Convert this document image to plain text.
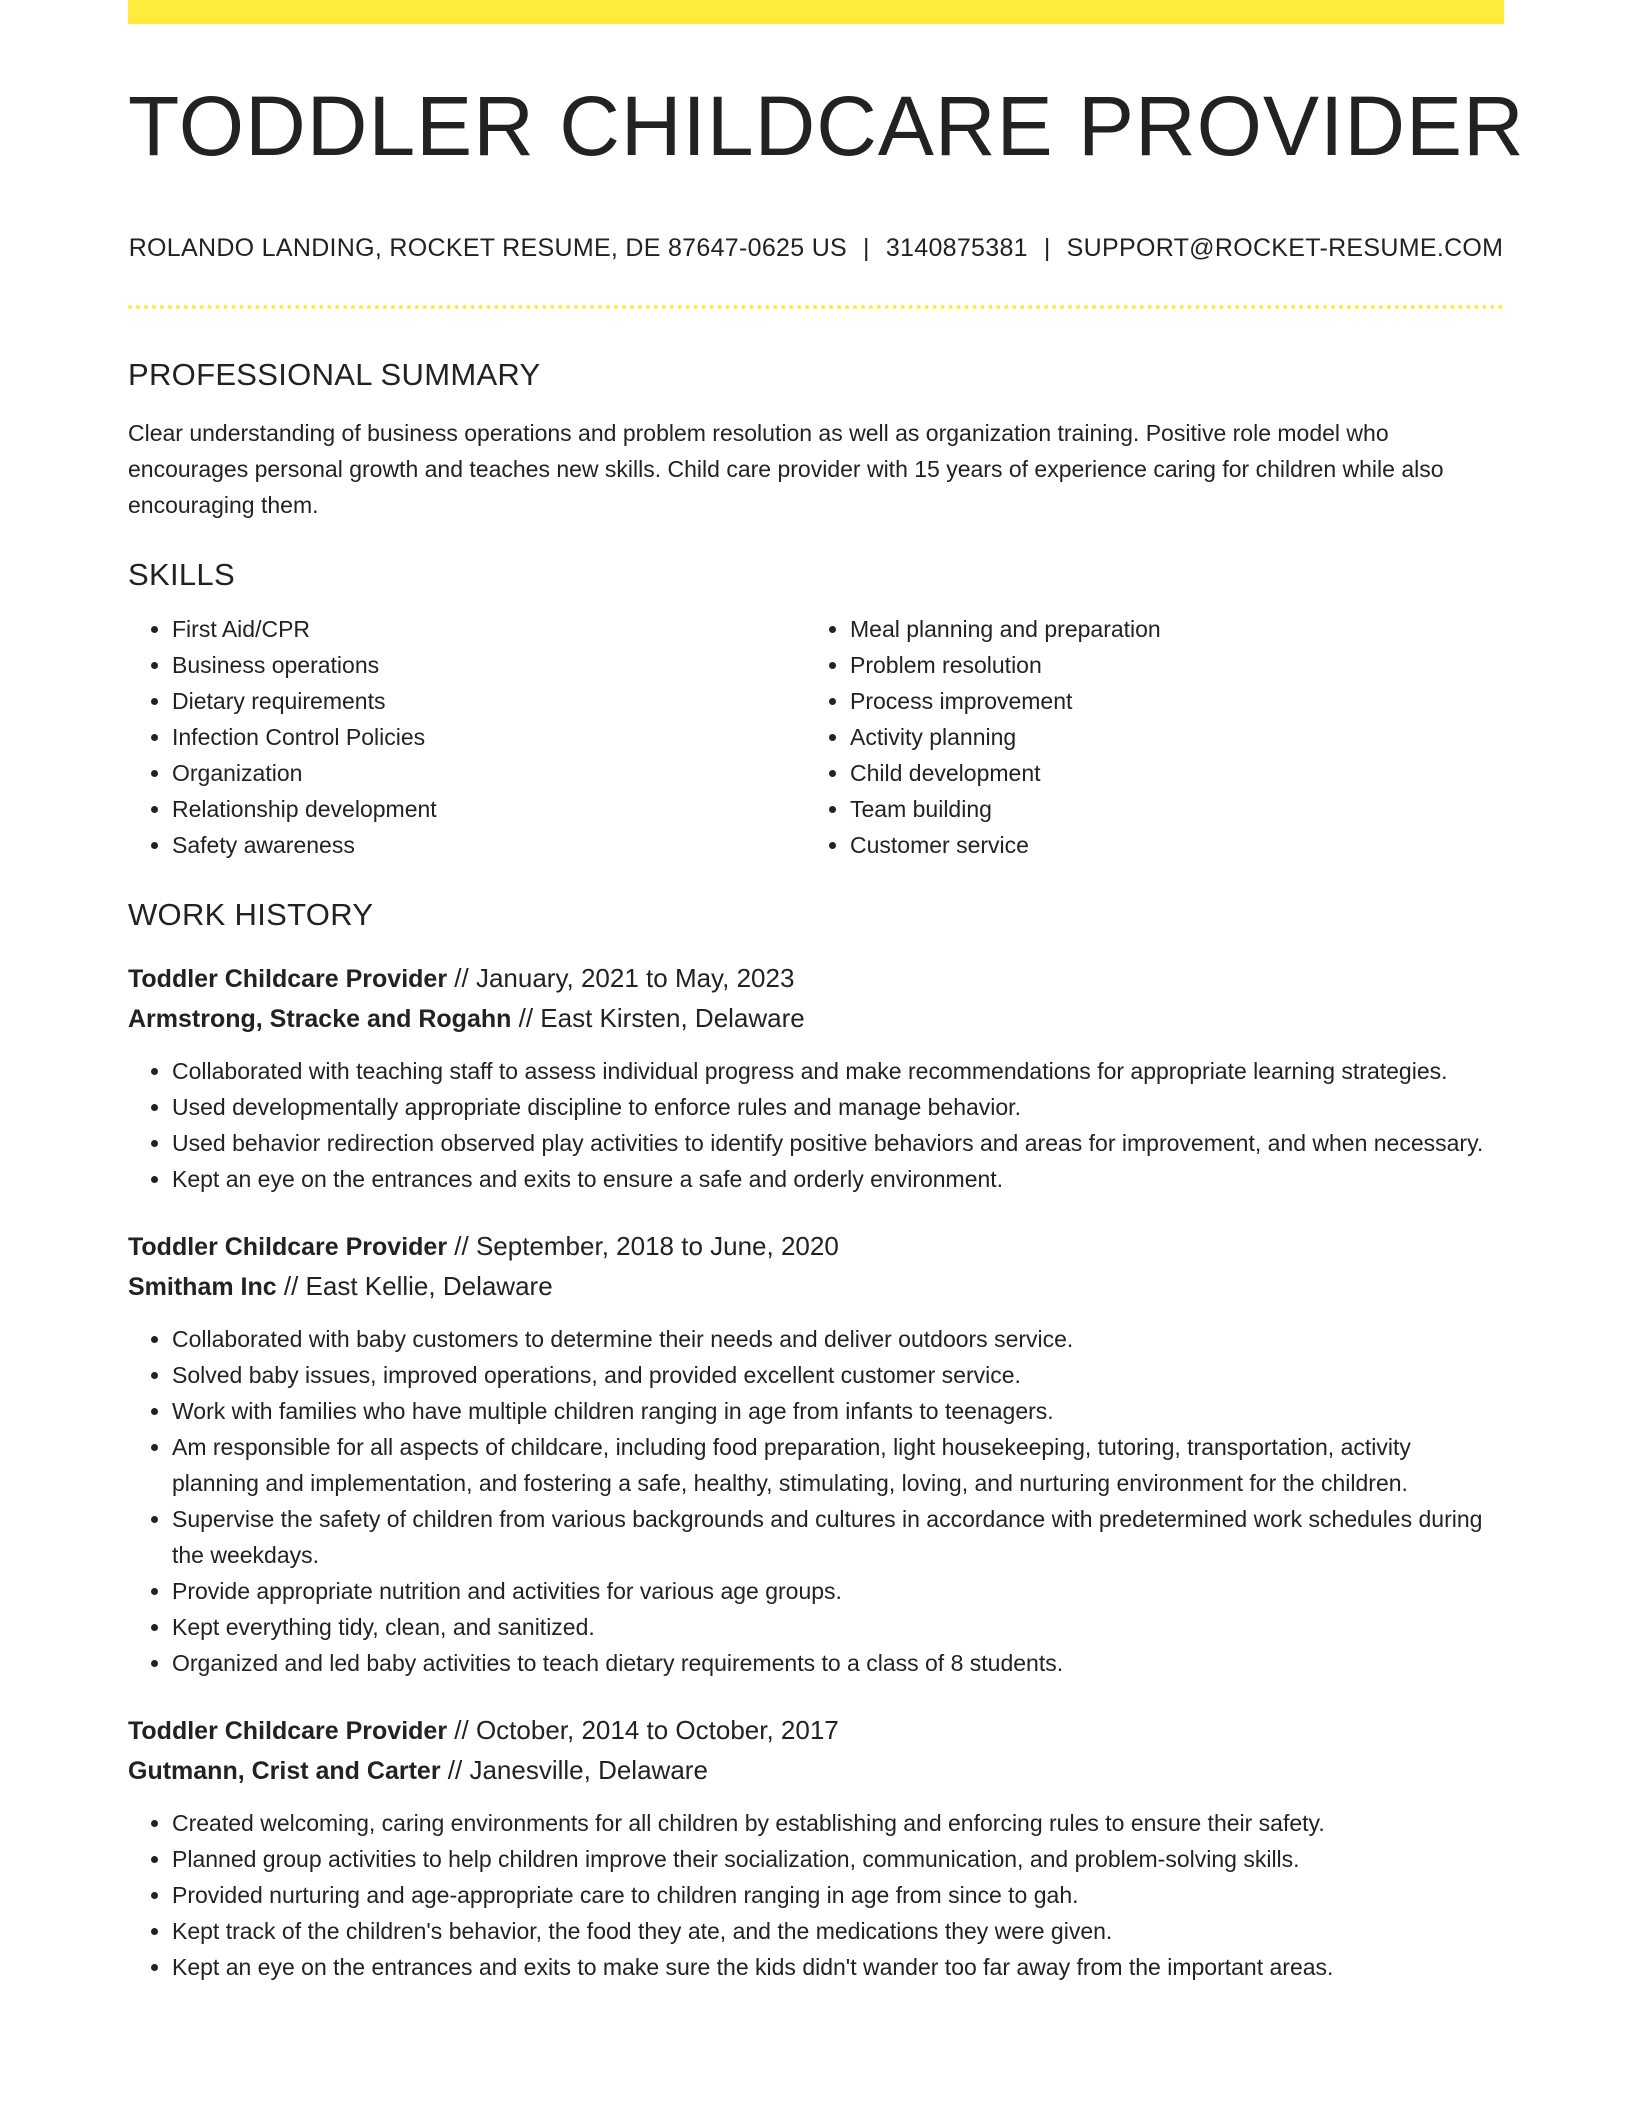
TODDLER CHILDCARE PROVIDER
ROLANDO LANDING, ROCKET RESUME, DE 87647-0625 US | 3140875381 | SUPPORT@ROCKET-RESUME.COM
PROFESSIONAL SUMMARY
Clear understanding of business operations and problem resolution as well as organization training. Positive role model who encourages personal growth and teaches new skills. Child care provider with 15 years of experience caring for children while also encouraging them.
SKILLS
• First Aid/CPR
• Business operations
• Dietary requirements
• Infection Control Policies
• Organization
• Relationship development
• Safety awareness
• Meal planning and preparation
• Problem resolution
• Process improvement
• Activity planning
• Child development
• Team building
• Customer service
WORK HISTORY
Toddler Childcare Provider // January, 2021 to May, 2023
Armstrong, Stracke and Rogahn // East Kirsten, Delaware
• Collaborated with teaching staff to assess individual progress and make recommendations for appropriate learning strategies.
• Used developmentally appropriate discipline to enforce rules and manage behavior.
• Used behavior redirection observed play activities to identify positive behaviors and areas for improvement, and when necessary.
• Kept an eye on the entrances and exits to ensure a safe and orderly environment.
Toddler Childcare Provider // September, 2018 to June, 2020
Smitham Inc // East Kellie, Delaware
• Collaborated with baby customers to determine their needs and deliver outdoors service.
• Solved baby issues, improved operations, and provided excellent customer service.
• Work with families who have multiple children ranging in age from infants to teenagers.
• Am responsible for all aspects of childcare, including food preparation, light housekeeping, tutoring, transportation, activity planning and implementation, and fostering a safe, healthy, stimulating, loving, and nurturing environment for the children.
• Supervise the safety of children from various backgrounds and cultures in accordance with predetermined work schedules during the weekdays.
• Provide appropriate nutrition and activities for various age groups.
• Kept everything tidy, clean, and sanitized.
• Organized and led baby activities to teach dietary requirements to a class of 8 students.
Toddler Childcare Provider // October, 2014 to October, 2017
Gutmann, Crist and Carter // Janesville, Delaware
• Created welcoming, caring environments for all children by establishing and enforcing rules to ensure their safety.
• Planned group activities to help children improve their socialization, communication, and problem-solving skills.
• Provided nurturing and age-appropriate care to children ranging in age from since to gah.
• Kept track of the children's behavior, the food they ate, and the medications they were given.
• Kept an eye on the entrances and exits to make sure the kids didn't wander too far away from the important areas.
